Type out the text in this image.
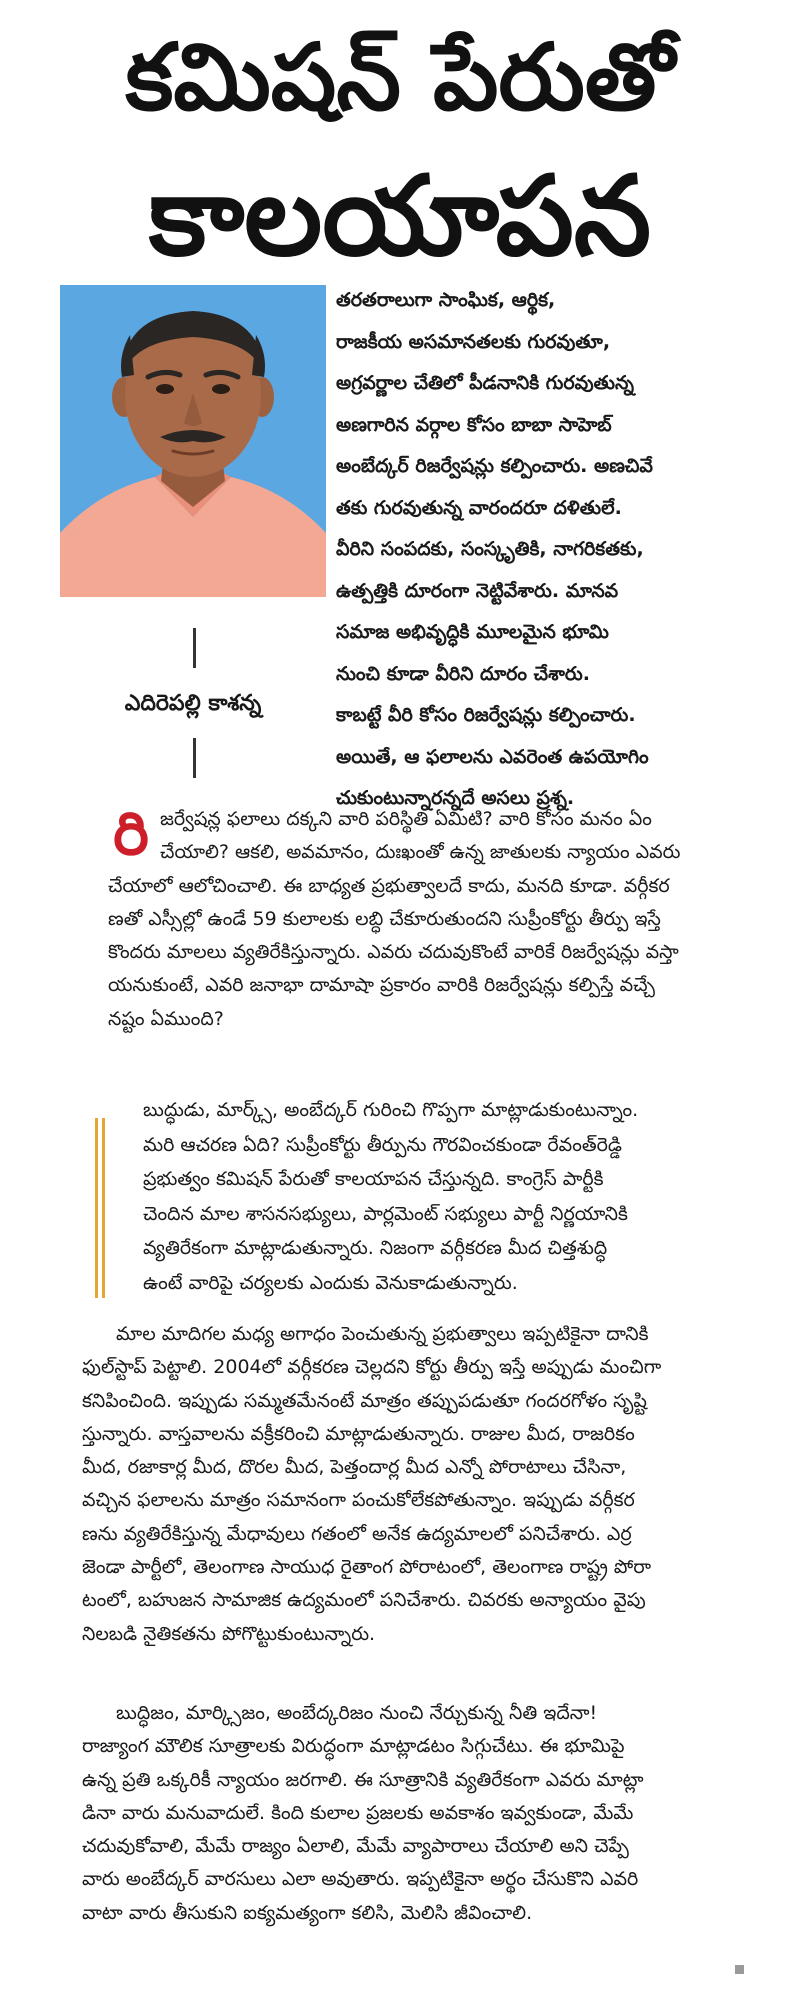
కమిషన్ పేరుతో
కాలయాపన
ఎదిరెపల్లి కాశన్న
తరతరాలుగా సాంఘిక, ఆర్థిక,
రాజకీయ అసమానతలకు గురవుతూ,
అగ్రవర్ణాల చేతిలో పీడనానికి గురవుతున్న
అణగారిన వర్గాల కోసం బాబా సాహెబ్
అంబేద్కర్ రిజర్వేషన్లు కల్పించారు. అణచివే
తకు గురవుతున్న వారందరూ దళితులే.
వీరిని సంపదకు, సంస్కృతికి, నాగరికతకు,
ఉత్పత్తికి దూరంగా నెట్టివేశారు. మానవ
సమాజ అభివృద్ధికి మూలమైన భూమి
నుంచి కూడా వీరిని దూరం చేశారు.
కాబట్టే వీరి కోసం రిజర్వేషన్లు కల్పించారు.
అయితే, ఆ ఫలాలను ఎవరెంత ఉపయోగిం
చుకుంటున్నారన్నదే అసలు ప్రశ్న.
రి జర్వేషన్ల ఫలాలు దక్కని వారి పరిస్థితి ఏమిటి? వారి కోసం మనం ఏం
చేయాలి? ఆకలి, అవమానం, దుఃఖంతో ఉన్న జాతులకు న్యాయం ఎవరు
చేయాలో ఆలోచించాలి. ఈ బాధ్యత ప్రభుత్వాలదే కాదు, మనది కూడా. వర్గీకర
ణతో ఎస్సీల్లో ఉండే 59 కులాలకు లబ్ధి చేకూరుతుందని సుప్రీంకోర్టు తీర్పు ఇస్తే
కొందరు మాలలు వ్యతిరేకిస్తున్నారు. ఎవరు చదువుకొంటే వారికే రిజర్వేషన్లు వస్తా
యనుకుంటే, ఎవరి జనాభా దామాషా ప్రకారం వారికి రిజర్వేషన్లు కల్పిస్తే వచ్చే
నష్టం ఏముంది?
బుద్ధుడు, మార్క్స్, అంబేద్కర్ గురించి గొప్పగా మాట్లాడుకుంటున్నాం.
మరి ఆచరణ ఏది? సుప్రీంకోర్టు తీర్పును గౌరవించకుండా రేవంత్‌రెడ్డి
ప్రభుత్వం కమిషన్ పేరుతో కాలయాపన చేస్తున్నది. కాంగ్రెస్ పార్టీకి
చెందిన మాల శాసనసభ్యులు, పార్లమెంట్ సభ్యులు పార్టీ నిర్ణయానికి
వ్యతిరేకంగా మాట్లాడుతున్నారు. నిజంగా వర్గీకరణ మీద చిత్తశుద్ధి
ఉంటే వారిపై చర్యలకు ఎందుకు వెనుకాడుతున్నారు.
మాల మాదిగల మధ్య అగాధం పెంచుతున్న ప్రభుత్వాలు ఇప్పటికైనా దానికి
ఫుల్‌స్టాప్ పెట్టాలి. 2004లో వర్గీకరణ చెల్లదని కోర్టు తీర్పు ఇస్తే అప్పుడు మంచిగా
కనిపించింది. ఇప్పుడు సమ్మతమేనంటే మాత్రం తప్పుపడుతూ గందరగోళం సృష్టి
స్తున్నారు. వాస్తవాలను వక్రీకరించి మాట్లాడుతున్నారు. రాజుల మీద, రాజరికం
మీద, రజాకార్ల మీద, దొరల మీద, పెత్తందార్ల మీద ఎన్నో పోరాటాలు చేసినా,
వచ్చిన ఫలాలను మాత్రం సమానంగా పంచుకోలేకపోతున్నాం. ఇప్పుడు వర్గీకర
ణను వ్యతిరేకిస్తున్న మేధావులు గతంలో అనేక ఉద్యమాలలో పనిచేశారు. ఎర్ర
జెండా పార్టీలో, తెలంగాణ సాయుధ రైతాంగ పోరాటంలో, తెలంగాణ రాష్ట్ర పోరా
టంలో, బహుజన సామాజిక ఉద్యమంలో పనిచేశారు. చివరకు అన్యాయం వైపు
నిలబడి నైతికతను పోగొట్టుకుంటున్నారు.
బుద్ధిజం, మార్క్సిజం, అంబేద్కరిజం నుంచి నేర్చుకున్న నీతి ఇదేనా!
రాజ్యాంగ మౌలిక సూత్రాలకు విరుద్ధంగా మాట్లాడటం సిగ్గుచేటు. ఈ భూమిపై
ఉన్న ప్రతి ఒక్కరికీ న్యాయం జరగాలి. ఈ సూత్రానికి వ్యతిరేకంగా ఎవరు మాట్లా
డినా వారు మనువాదులే. కింది కులాల ప్రజలకు అవకాశం ఇవ్వకుండా, మేమే
చదువుకోవాలి, మేమే రాజ్యం ఏలాలి, మేమే వ్యాపారాలు చేయాలి అని చెప్పే
వారు అంబేద్కర్ వారసులు ఎలా అవుతారు. ఇప్పటికైనా అర్థం చేసుకొని ఎవరి
వాటా వారు తీసుకుని ఐక్యమత్యంగా కలిసి, మెలిసి జీవించాలి.
